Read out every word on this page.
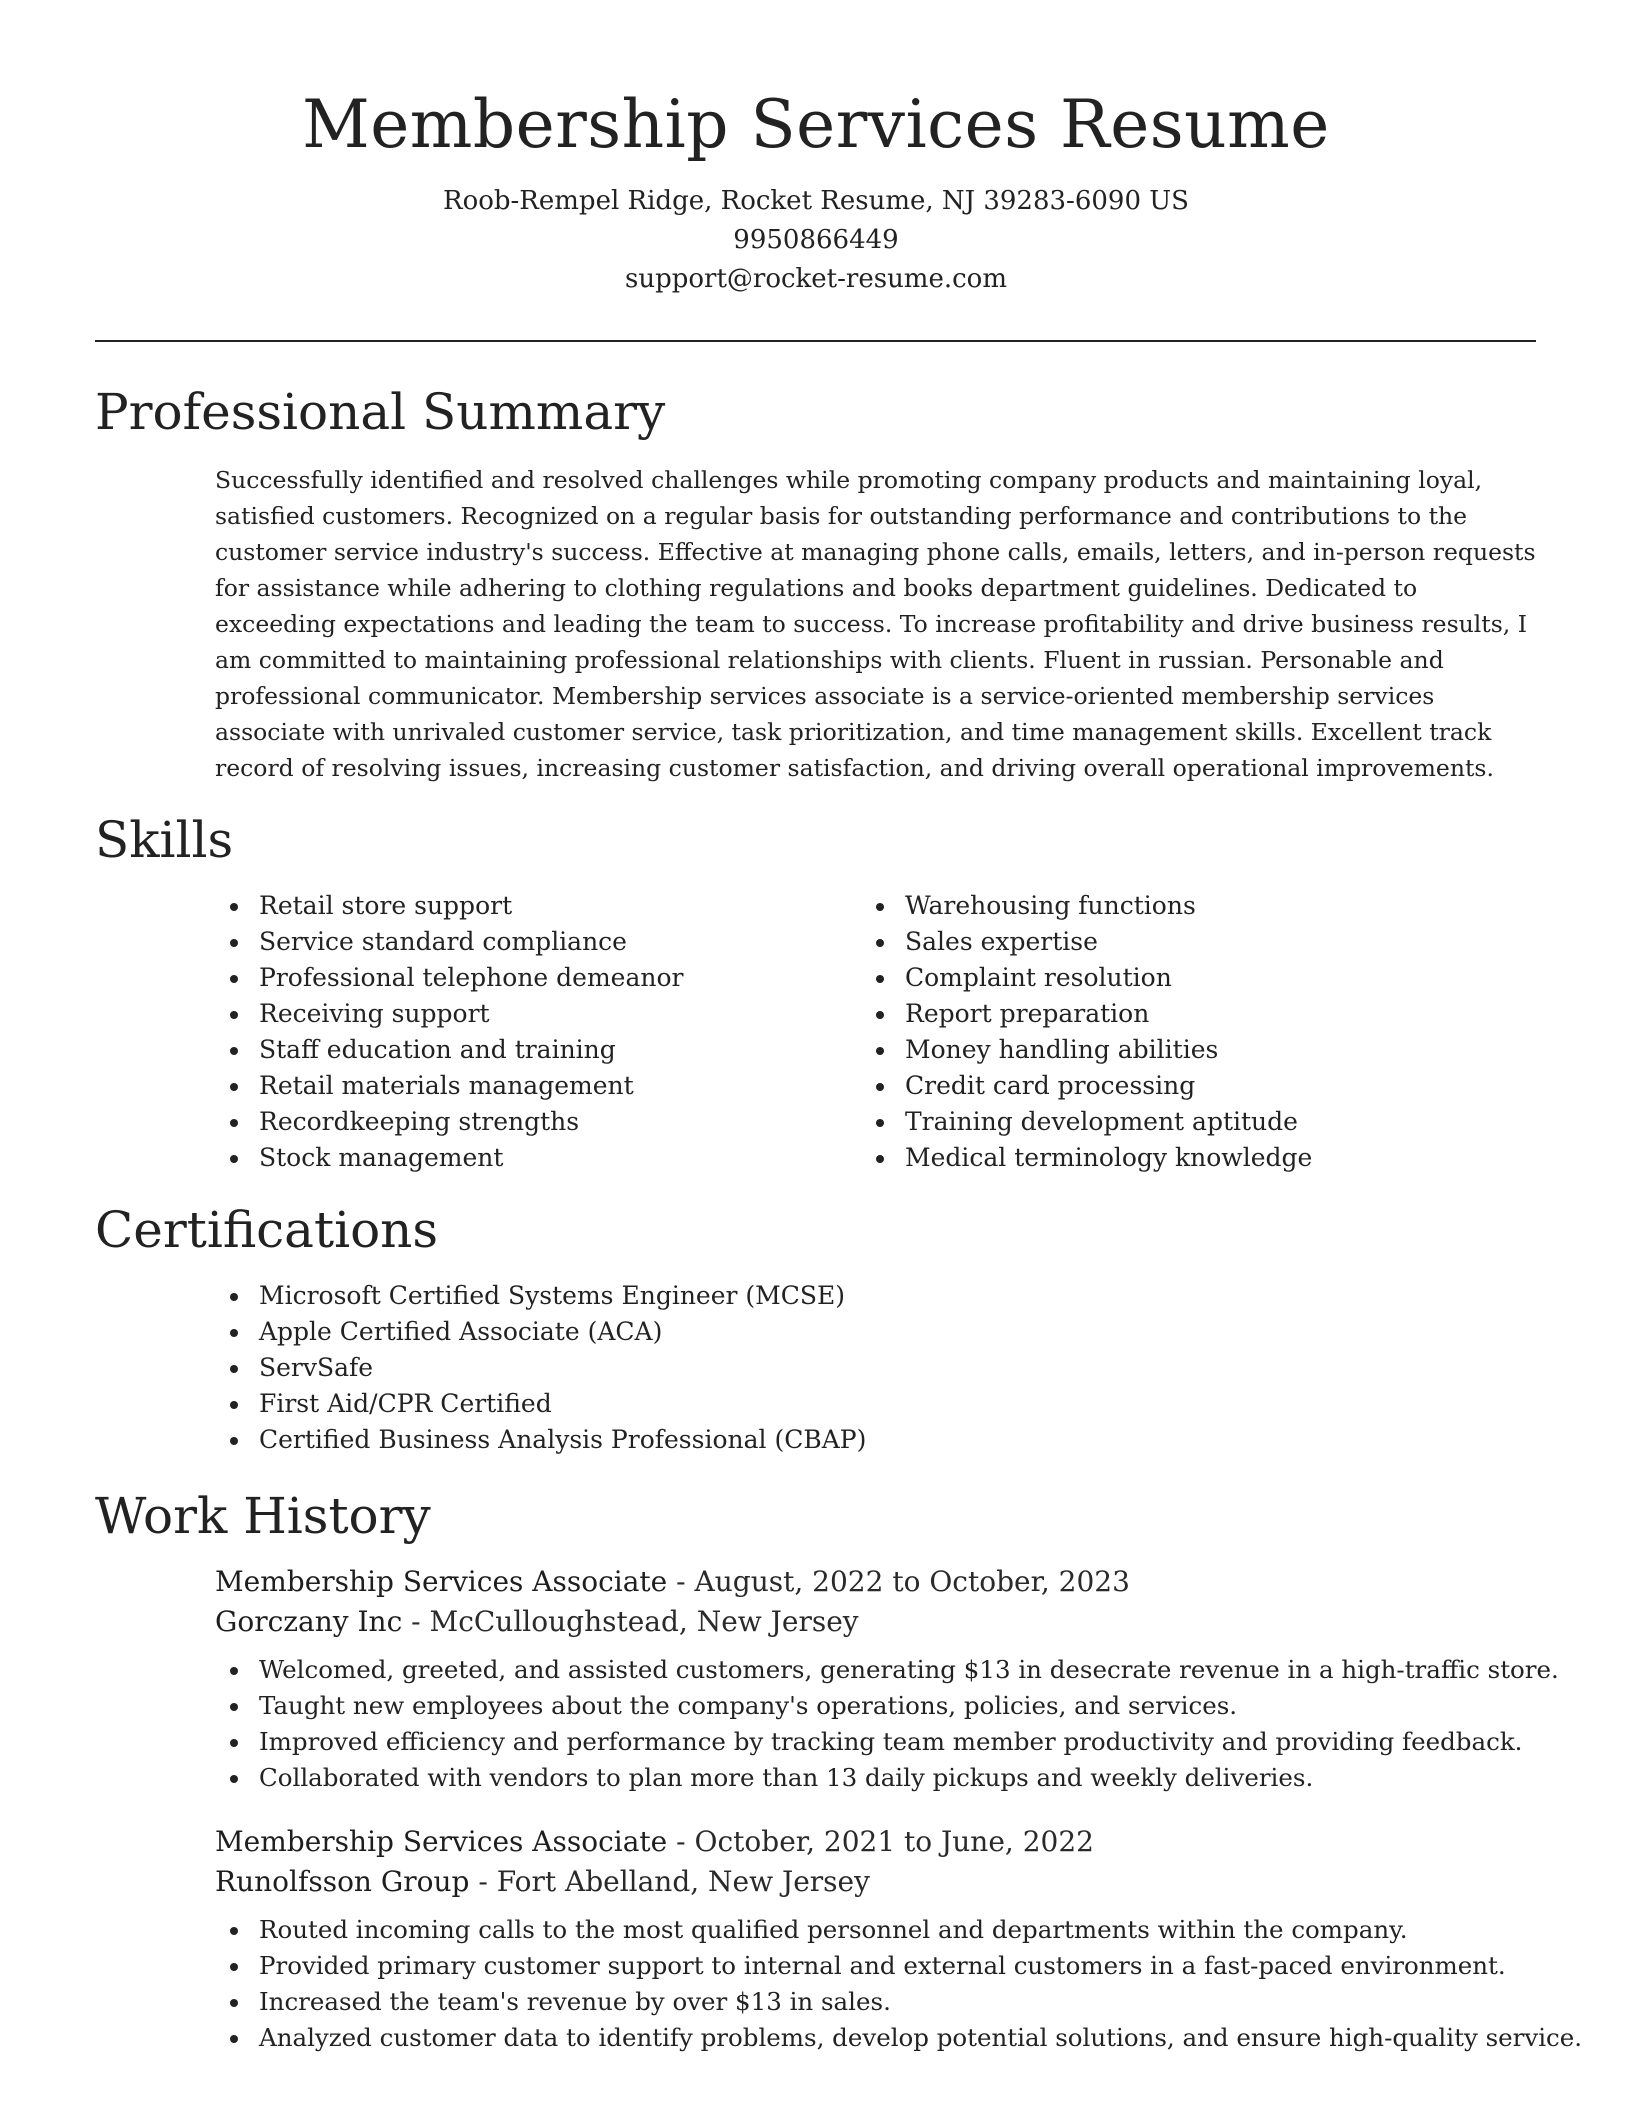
Membership Services Resume
Roob-Rempel Ridge, Rocket Resume, NJ 39283-6090 US
9950866449
support@rocket-resume.com
Professional Summary

Successfully identified and resolved challenges while promoting company products and maintaining loyal, satisfied customers. Recognized on a regular basis for outstanding performance and contributions to the customer service industry's success. Effective at managing phone calls, emails, letters, and in-person requests for assistance while adhering to clothing regulations and books department guidelines. Dedicated to exceeding expectations and leading the team to success. To increase profitability and drive business results, I am committed to maintaining professional relationships with clients. Fluent in russian. Personable and professional communicator. Membership services associate is a service-oriented membership services associate with unrivaled customer service, task prioritization, and time management skills. Excellent track record of resolving issues, increasing customer satisfaction, and driving overall operational improvements.

Skills
Retail store support
Service standard compliance
Professional telephone demeanor
Receiving support
Staff education and training
Retail materials management
Recordkeeping strengths
Stock management
Warehousing functions
Sales expertise
Complaint resolution
Report preparation
Money handling abilities
Credit card processing
Training development aptitude
Medical terminology knowledge
Certifications
Microsoft Certified Systems Engineer (MCSE)
Apple Certified Associate (ACA)
ServSafe
First Aid/CPR Certified
Certified Business Analysis Professional (CBAP)
Work History
Membership Services Associate - August, 2022 to October, 2023
Gorczany Inc - McCulloughstead, New Jersey
Welcomed, greeted, and assisted customers, generating $13 in desecrate revenue in a high-traffic store.
Taught new employees about the company's operations, policies, and services.
Improved efficiency and performance by tracking team member productivity and providing feedback.
Collaborated with vendors to plan more than 13 daily pickups and weekly deliveries.
Membership Services Associate - October, 2021 to June, 2022
Runolfsson Group - Fort Abelland, New Jersey
Routed incoming calls to the most qualified personnel and departments within the company.
Provided primary customer support to internal and external customers in a fast-paced environment.
Increased the team's revenue by over $13 in sales.
Analyzed customer data to identify problems, develop potential solutions, and ensure high-quality service.
